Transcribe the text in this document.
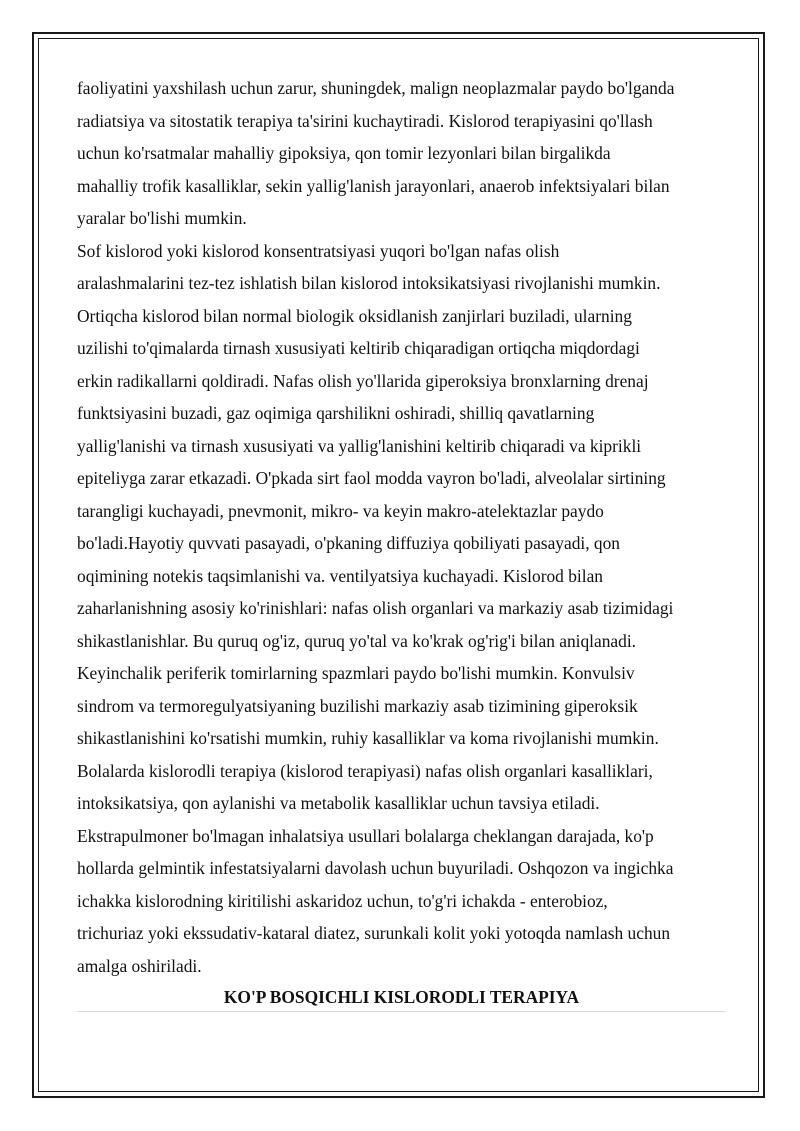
faoliyatini yaxshilash uchun zarur, shuningdek, malign neoplazmalar paydo bo'lganda
radiatsiya va sitostatik terapiya ta'sirini kuchaytiradi. Kislorod terapiyasini qo'llash
uchun ko'rsatmalar mahalliy gipoksiya, qon tomir lezyonlari bilan birgalikda
mahalliy trofik kasalliklar, sekin yallig'lanish jarayonlari, anaerob infektsiyalari bilan
yaralar bo'lishi mumkin.
Sof kislorod yoki kislorod konsentratsiyasi yuqori bo'lgan nafas olish
aralashmalarini tez-tez ishlatish bilan kislorod intoksikatsiyasi rivojlanishi mumkin.
Ortiqcha kislorod bilan normal biologik oksidlanish zanjirlari buziladi, ularning
uzilishi to'qimalarda tirnash xususiyati keltirib chiqaradigan ortiqcha miqdordagi
erkin radikallarni qoldiradi. Nafas olish yo'llarida giperoksiya bronxlarning drenaj
funktsiyasini buzadi, gaz oqimiga qarshilikni oshiradi, shilliq qavatlarning
yallig'lanishi va tirnash xususiyati va yallig'lanishini keltirib chiqaradi va kiprikli
epiteliyga zarar etkazadi. O'pkada sirt faol modda vayron bo'ladi, alveolalar sirtining
tarangligi kuchayadi, pnevmonit, mikro- va keyin makro-atelektazlar paydo
bo'ladi.Hayotiy quvvati pasayadi, o'pkaning diffuziya qobiliyati pasayadi, qon
oqimining notekis taqsimlanishi va. ventilyatsiya kuchayadi. Kislorod bilan
zaharlanishning asosiy ko'rinishlari: nafas olish organlari va markaziy asab tizimidagi
shikastlanishlar. Bu quruq og'iz, quruq yo'tal va ko'krak og'rig'i bilan aniqlanadi.
Keyinchalik periferik tomirlarning spazmlari paydo bo'lishi mumkin. Konvulsiv
sindrom va termoregulyatsiyaning buzilishi markaziy asab tizimining giperoksik
shikastlanishini ko'rsatishi mumkin, ruhiy kasalliklar va koma rivojlanishi mumkin.
Bolalarda kislorodli terapiya (kislorod terapiyasi) nafas olish organlari kasalliklari,
intoksikatsiya, qon aylanishi va metabolik kasalliklar uchun tavsiya etiladi.
Ekstrapulmoner bo'lmagan inhalatsiya usullari bolalarga cheklangan darajada, ko'p
hollarda gelmintik infestatsiyalarni davolash uchun buyuriladi. Oshqozon va ingichka
ichakka kislorodning kiritilishi askaridoz uchun, to'g'ri ichakda - enterobioz,
trichuriaz yoki ekssudativ-kataral diatez, surunkali kolit yoki yotoqda namlash uchun
amalga oshiriladi.
KO'P BOSQICHLI KISLORODLI TERAPIYA
